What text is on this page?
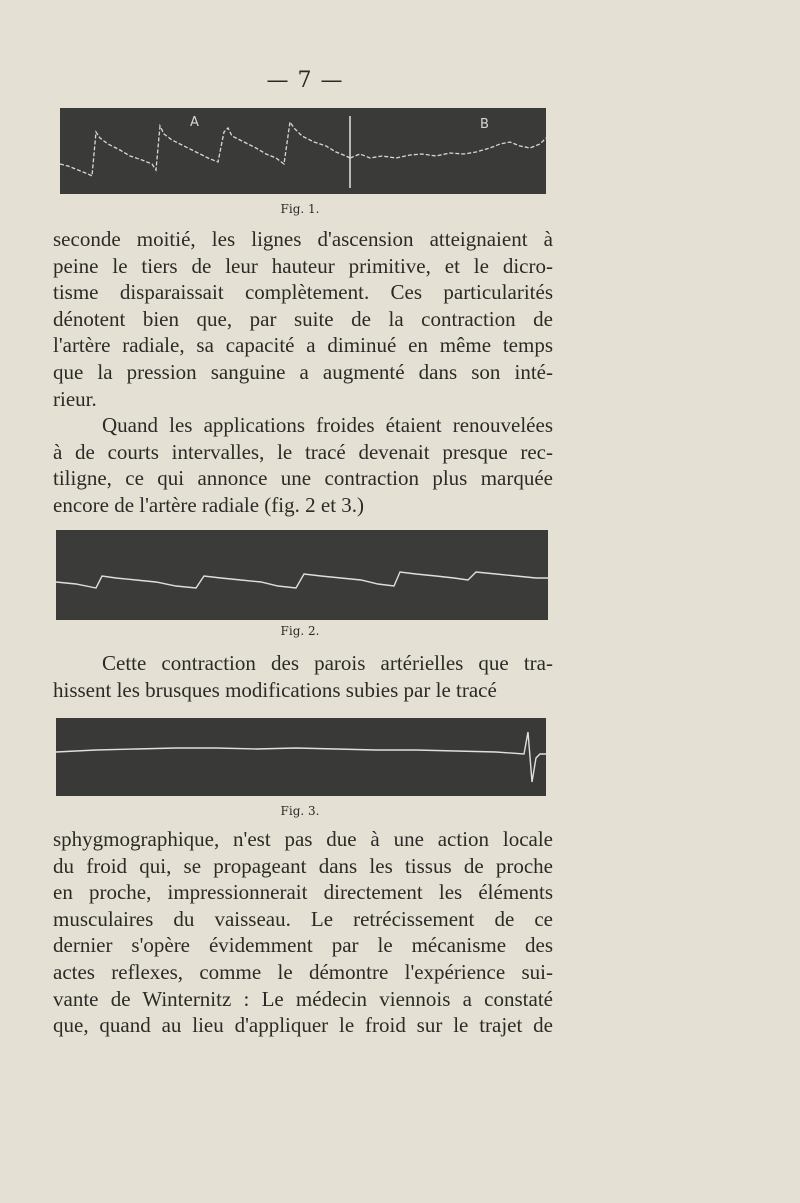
— 7 —
A	B
Fig. 1.
seconde moitié, les lignes d'ascension atteignaient à
peine le tiers de leur hauteur primitive, et le dicro-
tisme disparaissait complètement. Ces particularités
dénotent bien que, par suite de la contraction de
l'artère radiale, sa capacité a diminué en même temps
que la pression sanguine a augmenté dans son inté-
rieur.
Quand les applications froides étaient renouvelées
à de courts intervalles, le tracé devenait presque rec-
tiligne, ce qui annonce une contraction plus marquée
encore de l'artère radiale (fig. 2 et 3.)
Fig. 2.
Cette contraction des parois artérielles que tra-
hissent les brusques modifications subies par le tracé
Fig. 3.
sphygmographique, n'est pas due à une action locale
du froid qui, se propageant dans les tissus de proche
en proche, impressionnerait directement les éléments
musculaires du vaisseau. Le retrécissement de ce
dernier s'opère évidemment par le mécanisme des
actes reflexes, comme le démontre l'expérience sui-
vante de Winternitz : Le médecin viennois a constaté
que, quand au lieu d'appliquer le froid sur le trajet de
